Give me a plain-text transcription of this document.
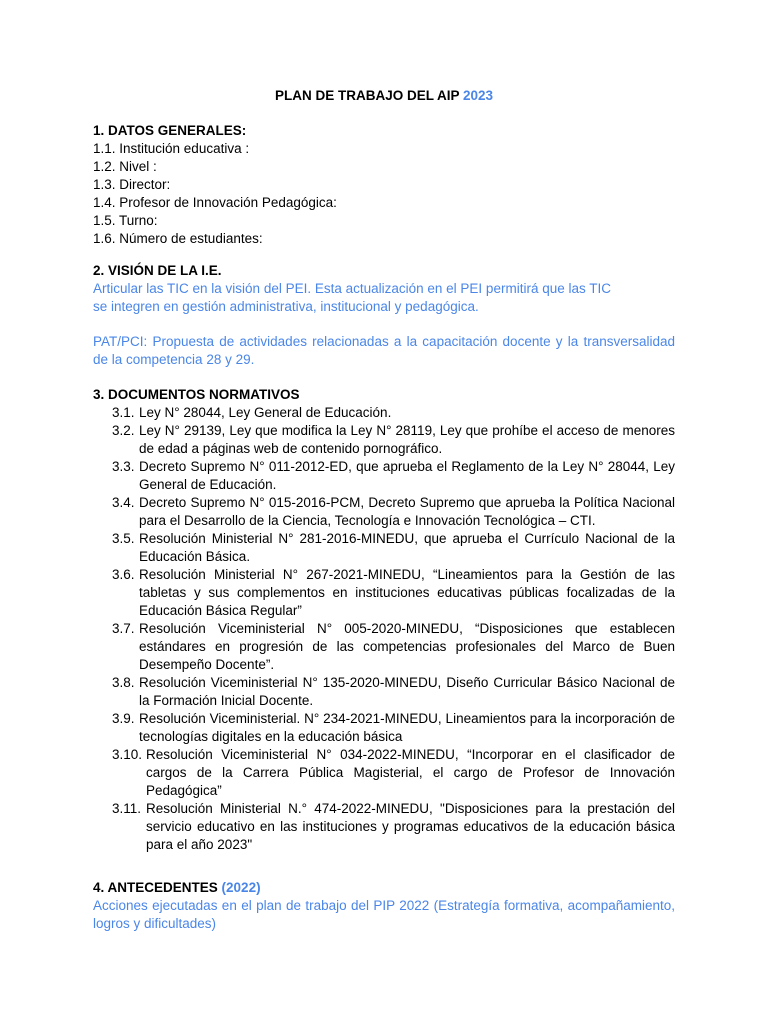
PLAN DE TRABAJO DEL AIP 2023
1. DATOS GENERALES:
1.1. Institución educativa :
1.2. Nivel :
1.3. Director:
1.4. Profesor de Innovación Pedagógica:
1.5. Turno:
1.6. Número de estudiantes:
2. VISIÓN DE LA I.E.
Articular las TIC en la visión del PEI. Esta actualización en el PEI permitirá que las TIC
se integren en gestión administrativa, institucional y pedagógica.
PAT/PCI: Propuesta de actividades relacionadas a la capacitación docente y la transversalidad de la competencia 28 y 29.
3. DOCUMENTOS NORMATIVOS
3.1. Ley N° 28044, Ley General de Educación.
3.2. Ley N° 29139, Ley que modifica la Ley N° 28119, Ley que prohíbe el acceso de menores de edad a páginas web de contenido pornográfico.
3.3. Decreto Supremo N° 011-2012-ED, que aprueba el Reglamento de la Ley N° 28044, Ley General de Educación.
3.4. Decreto Supremo N° 015-2016-PCM, Decreto Supremo que aprueba la Política Nacional para el Desarrollo de la Ciencia, Tecnología e Innovación Tecnológica – CTI.
3.5. Resolución Ministerial N° 281-2016-MINEDU, que aprueba el Currículo Nacional de la Educación Básica.
3.6. Resolución Ministerial N° 267-2021-MINEDU, “Lineamientos para la Gestión de las tabletas y sus complementos en instituciones educativas públicas focalizadas de la Educación Básica Regular”
3.7. Resolución Viceministerial N° 005-2020-MINEDU, “Disposiciones que establecen estándares en progresión de las competencias profesionales del Marco de Buen Desempeño Docente”.
3.8. Resolución Viceministerial N° 135-2020-MINEDU, Diseño Curricular Básico Nacional de la Formación Inicial Docente.
3.9. Resolución Viceministerial. N° 234-2021-MINEDU, Lineamientos para la incorporación de tecnologías digitales en la educación básica
3.10. Resolución Viceministerial N° 034-2022-MINEDU, “Incorporar en el clasificador de cargos de la Carrera Pública Magisterial, el cargo de Profesor de Innovación Pedagógica”
3.11. Resolución Ministerial N.° 474-2022-MINEDU, "Disposiciones para la prestación del servicio educativo en las instituciones y programas educativos de la educación básica para el año 2023"
4. ANTECEDENTES (2022)
Acciones ejecutadas en el plan de trabajo del PIP 2022 (Estrategía formativa, acompañamiento, logros y dificultades)
